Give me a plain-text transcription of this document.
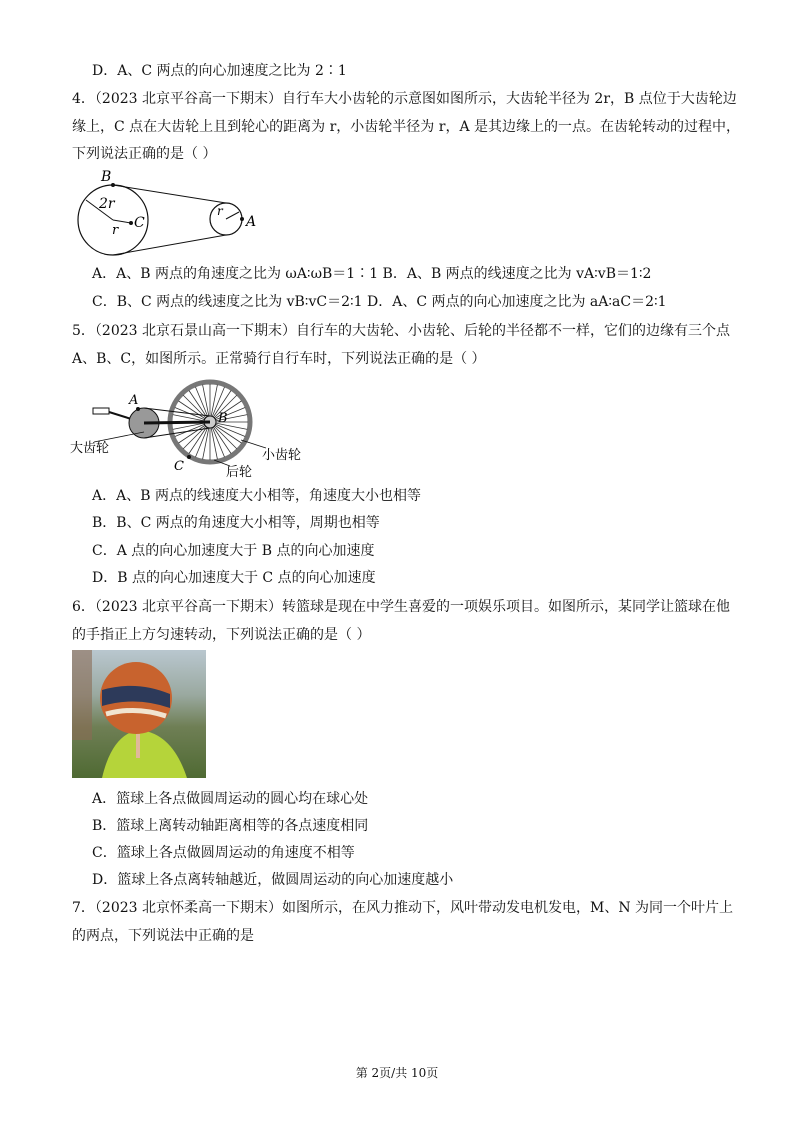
D．A、C 两点的向心加速度之比为 2∶1
4．（2023 北京平谷高一下期末）自行车大小齿轮的示意图如图所示，大齿轮半径为 2r，B 点位于大齿轮边
缘上，C 点在大齿轮上且到轮心的距离为 r，小齿轮半径为 r，A 是其边缘上的一点。在齿轮转动的过程中，
下列说法正确的是（ ）
B
2r
C
r
r
A
A．A、B 两点的角速度之比为 ωA∶ωB＝1∶1 B．A、B 两点的线速度之比为 vA∶vB＝1∶2
C．B、C 两点的线速度之比为 vB∶vC＝2∶1 D．A、C 两点的向心加速度之比为 aA∶aC＝2∶1
5．（2023 北京石景山高一下期末）自行车的大齿轮、小齿轮、后轮的半径都不一样，它们的边缘有三个点
A、B、C，如图所示。正常骑行自行车时，下列说法正确的是（ ）
A
B
C
大齿轮	小齿轮
后轮
A．A、B 两点的线速度大小相等，角速度大小也相等
B．B、C 两点的角速度大小相等，周期也相等
C．A 点的向心加速度大于 B 点的向心加速度
D．B 点的向心加速度大于 C 点的向心加速度
6．（2023 北京平谷高一下期末）转篮球是现在中学生喜爱的一项娱乐项目。如图所示，某同学让篮球在他
的手指正上方匀速转动，下列说法正确的是（ ）
A．篮球上各点做圆周运动的圆心均在球心处
B．篮球上离转动轴距离相等的各点速度相同
C．篮球上各点做圆周运动的角速度不相等
D．篮球上各点离转轴越近，做圆周运动的向心加速度越小
7．（2023 北京怀柔高一下期末）如图所示，在风力推动下，风叶带动发电机发电，M、N 为同一个叶片上
的两点，下列说法中正确的是
第 2页/共 10页
